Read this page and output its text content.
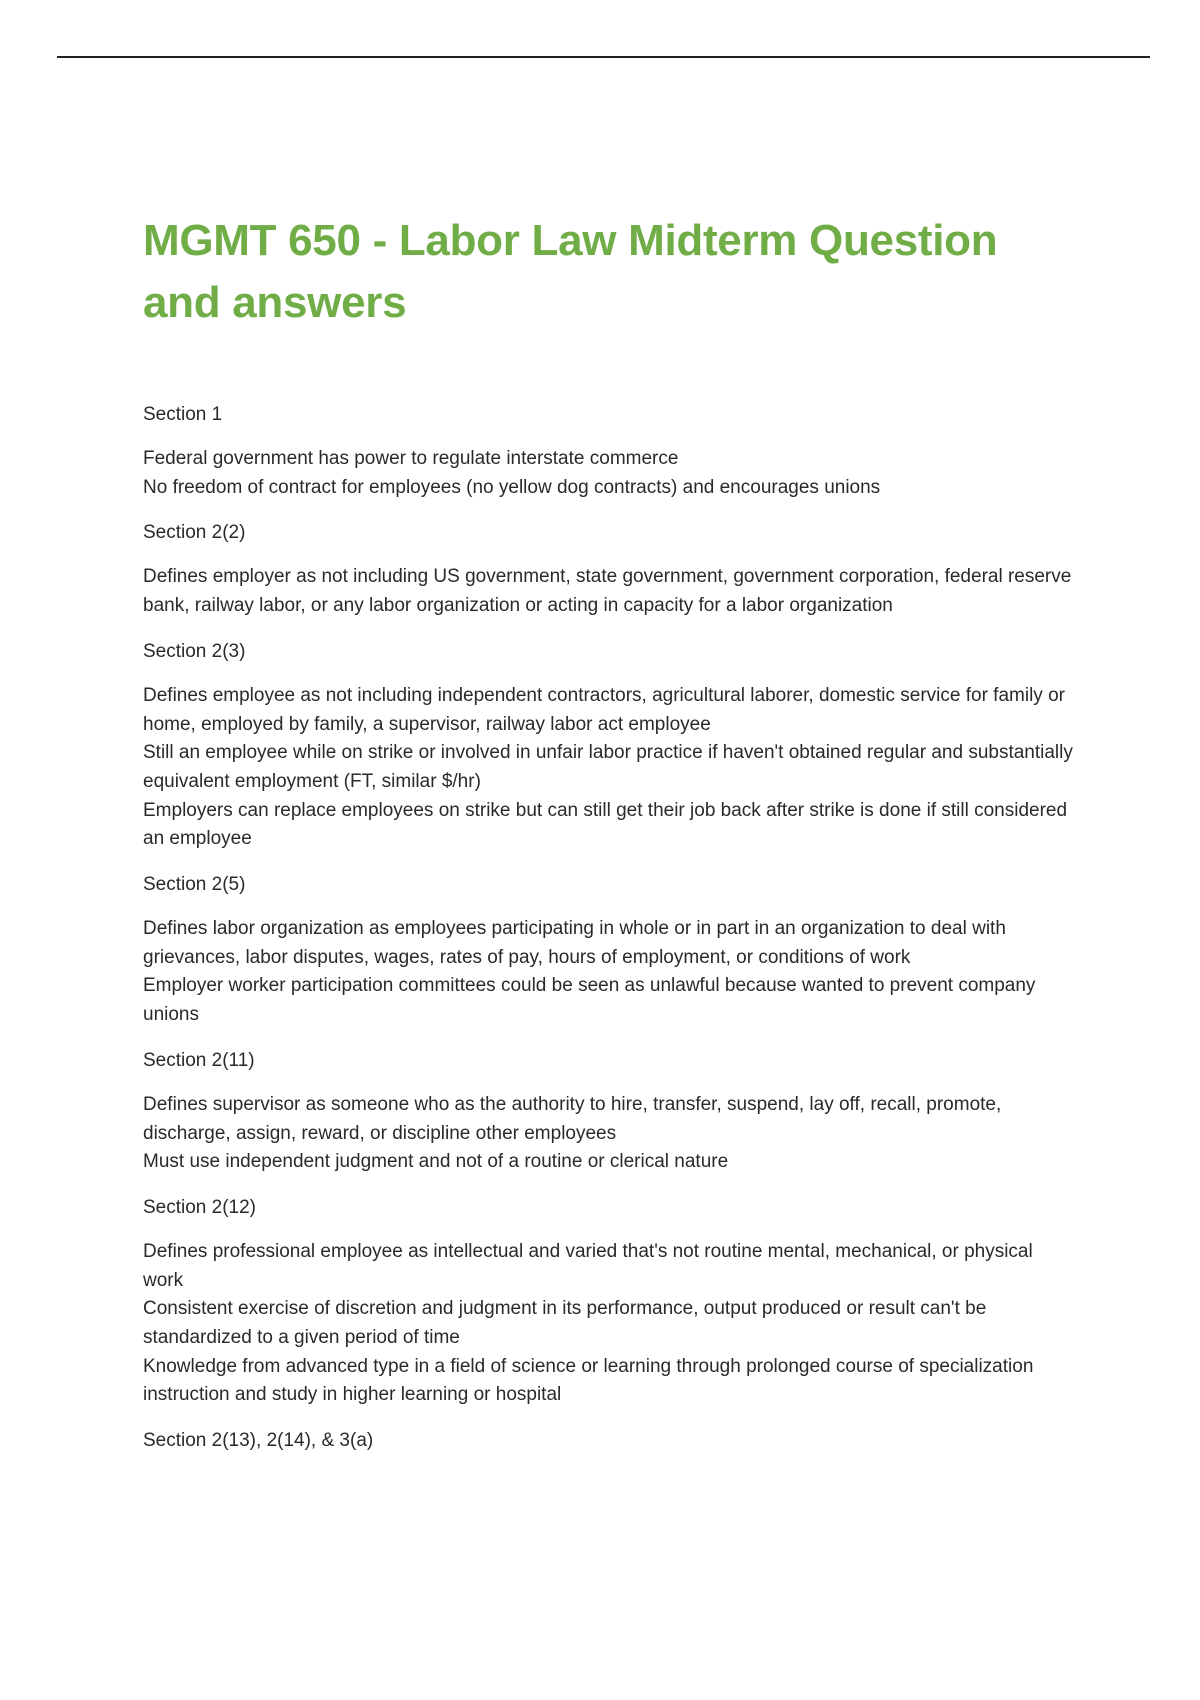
MGMT 650 - Labor Law Midterm Question and answers

Section 1

Federal government has power to regulate interstate commerce

No freedom of contract for employees (no yellow dog contracts) and encourages unions

Section 2(2)

Defines employer as not including US government, state government, government corporation, federal reserve bank, railway labor, or any labor organization or acting in capacity for a labor organization

Section 2(3)

Defines employee as not including independent contractors, agricultural laborer, domestic service for family or home, employed by family, a supervisor, railway labor act employee

Still an employee while on strike or involved in unfair labor practice if haven't obtained regular and substantially equivalent employment (FT, similar $/hr)

Employers can replace employees on strike but can still get their job back after strike is done if still considered an employee

Section 2(5)

Defines labor organization as employees participating in whole or in part in an organization to deal with grievances, labor disputes, wages, rates of pay, hours of employment, or conditions of work

Employer worker participation committees could be seen as unlawful because wanted to prevent company unions

Section 2(11)

Defines supervisor as someone who as the authority to hire, transfer, suspend, lay off, recall, promote, discharge, assign, reward, or discipline other employees

Must use independent judgment and not of a routine or clerical nature

Section 2(12)

Defines professional employee as intellectual and varied that's not routine mental, mechanical, or physical work

Consistent exercise of discretion and judgment in its performance, output produced or result can't be standardized to a given period of time

Knowledge from advanced type in a field of science or learning through prolonged course of specialization instruction and study in higher learning or hospital

Section 2(13), 2(14), & 3(a)
